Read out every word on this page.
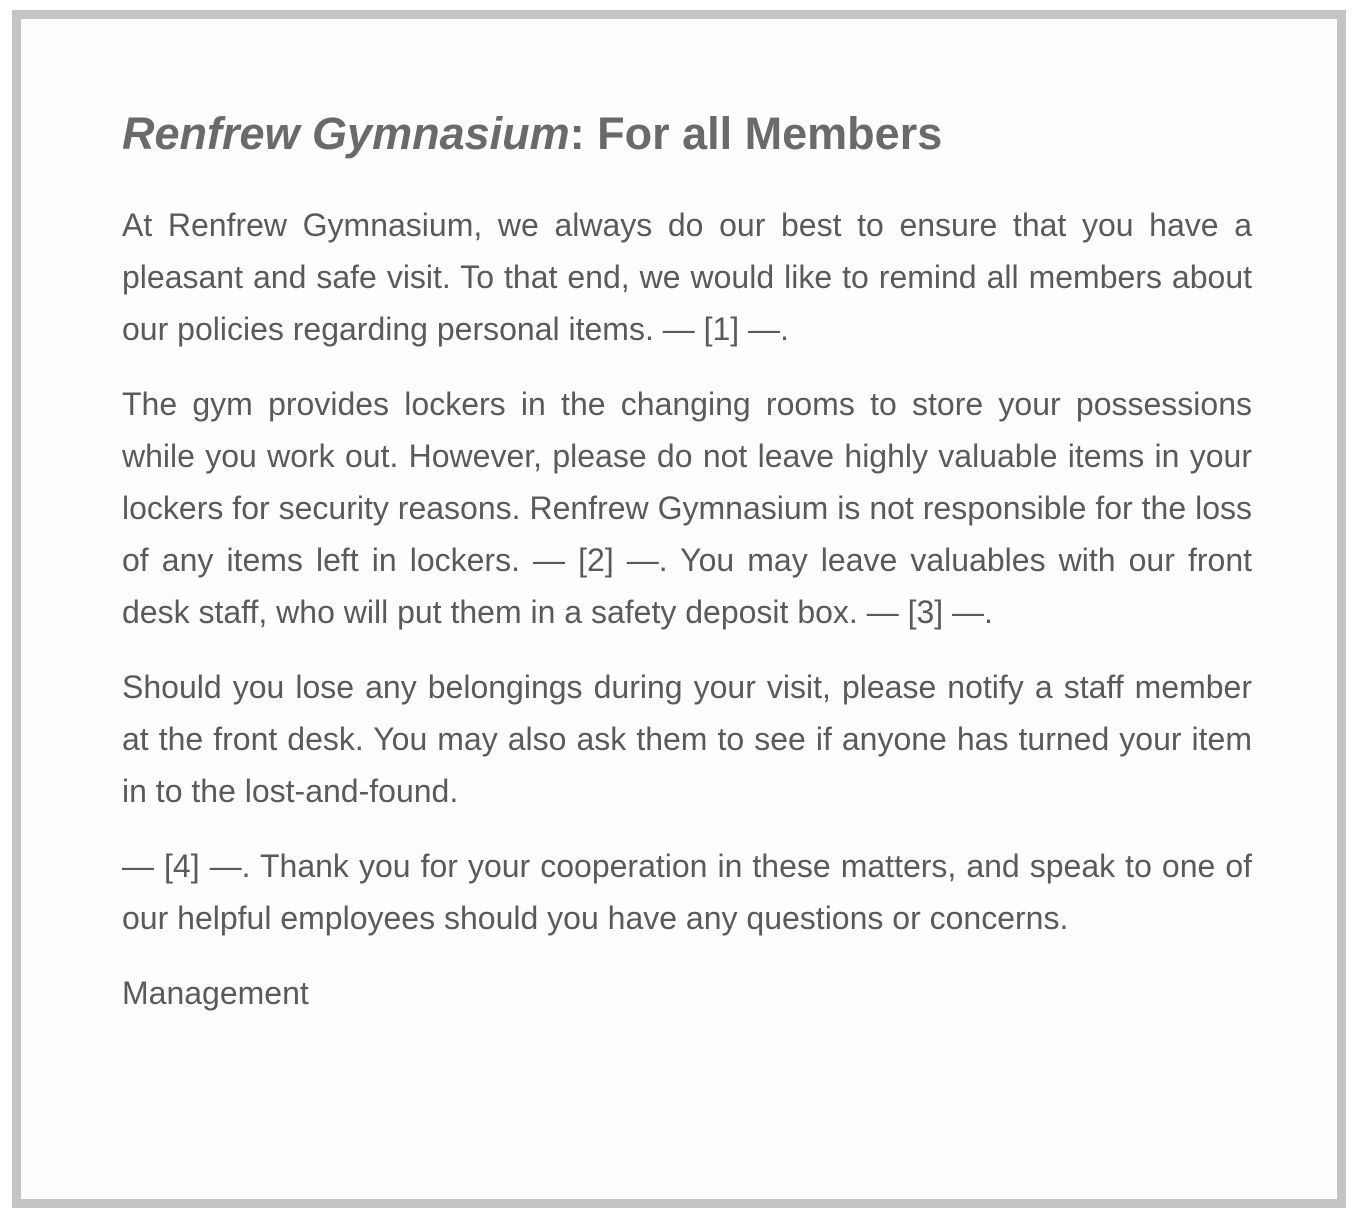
Renfrew Gymnasium: For all Members

At Renfrew Gymnasium, we always do our best to ensure that you have a pleasant and safe visit. To that end, we would like to remind all members about our policies regarding personal items. — [1] —.

The gym provides lockers in the changing rooms to store your possessions while you work out. However, please do not leave highly valuable items in your lockers for security reasons. Renfrew Gymnasium is not responsible for the loss of any items left in lockers. — [2] —. You may leave valuables with our front desk staff, who will put them in a safety deposit box. — [3] —.

Should you lose any belongings during your visit, please notify a staff member at the front desk. You may also ask them to see if anyone has turned your item in to the lost-and-found.

— [4] —. Thank you for your cooperation in these matters, and speak to one of our helpful employees should you have any questions or concerns.

Management
